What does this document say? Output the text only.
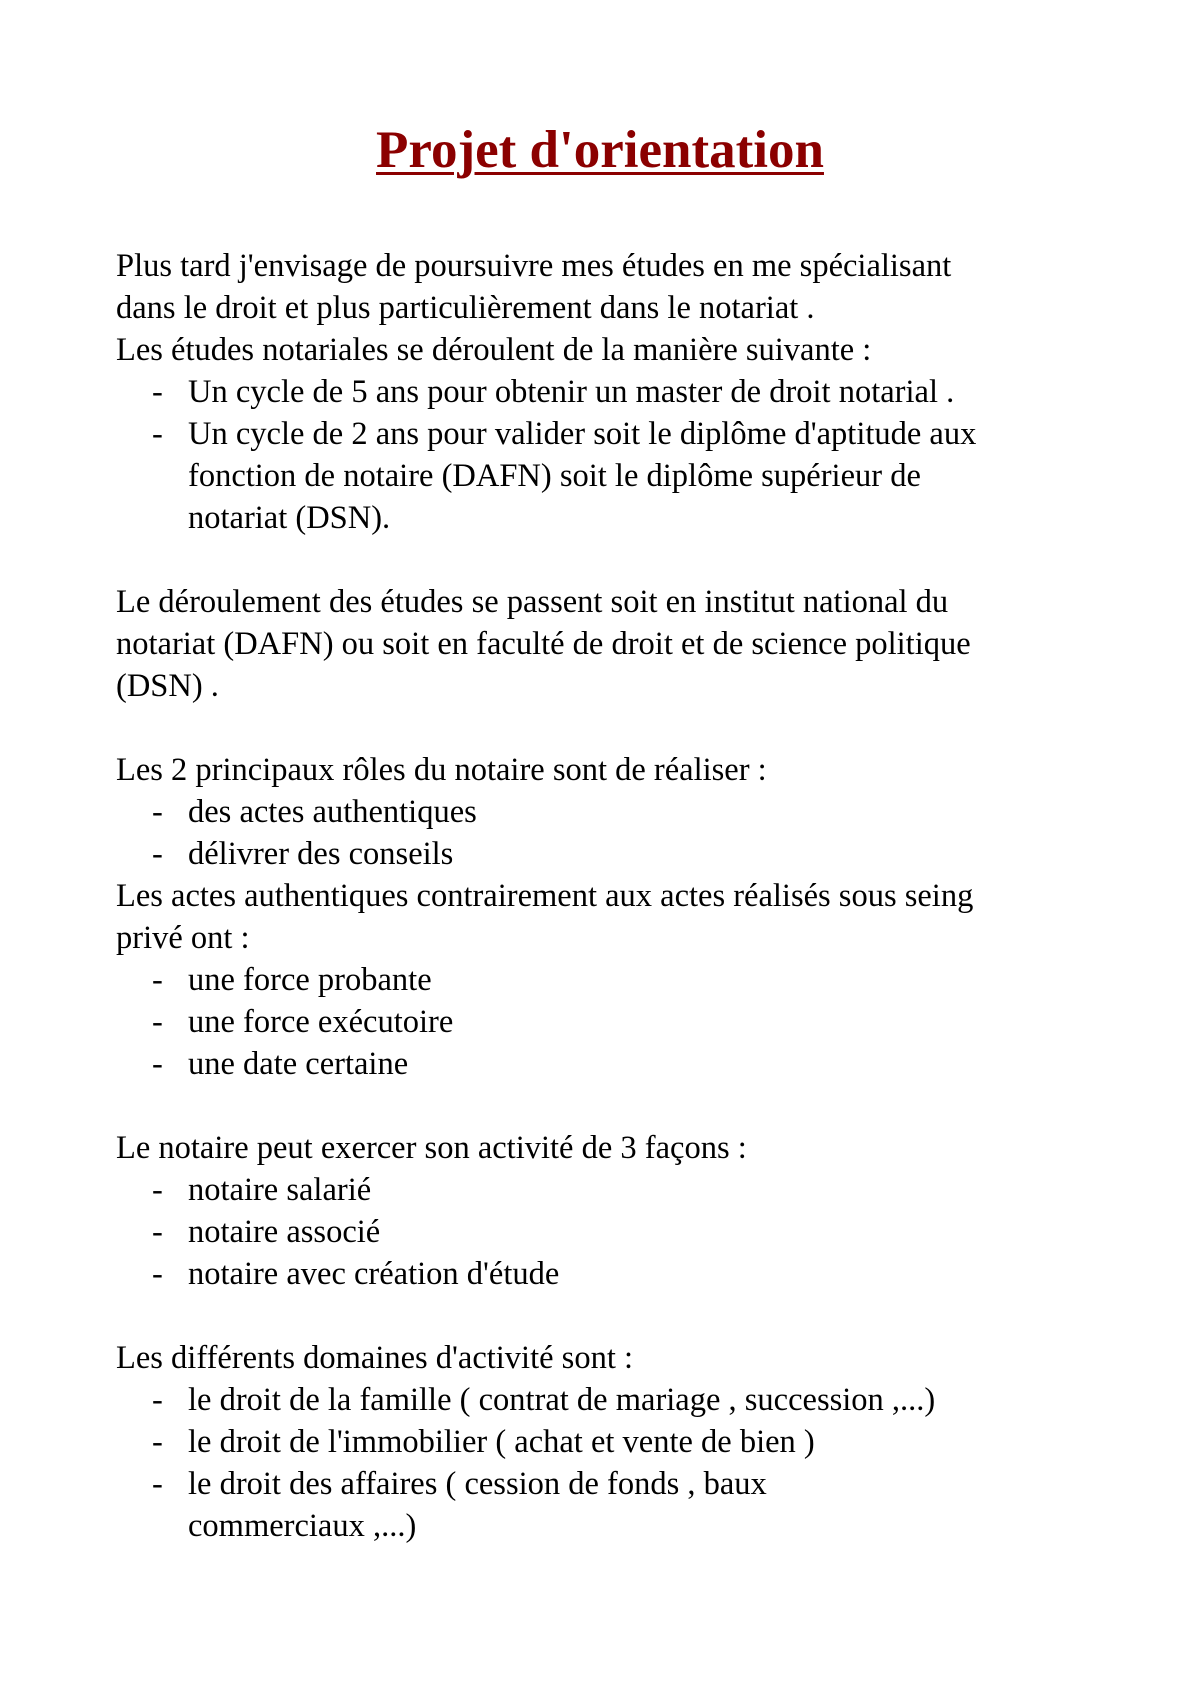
Projet d'orientation
Plus tard j'envisage de poursuivre mes études en me spécialisant
dans le droit et plus particulièrement dans le notariat .
Les études notariales se déroulent de la manière suivante :
- Un cycle de 5 ans pour obtenir un master de droit notarial .
- Un cycle de 2 ans pour valider soit le diplôme d'aptitude aux
fonction de notaire (DAFN) soit le diplôme supérieur de
notariat (DSN).
Le déroulement des études se passent soit en institut national du
notariat (DAFN) ou soit en faculté de droit et de science politique
(DSN) .
Les 2 principaux rôles du notaire sont de réaliser :
- des actes authentiques
- délivrer des conseils
Les actes authentiques contrairement aux actes réalisés sous seing
privé ont :
- une force probante
- une force exécutoire
- une date certaine
Le notaire peut exercer son activité de 3 façons :
- notaire salarié
- notaire associé
- notaire avec création d'étude
Les différents domaines d'activité sont :
- le droit de la famille ( contrat de mariage , succession ,...)
- le droit de l'immobilier ( achat et vente de bien )
- le droit des affaires ( cession de fonds , baux
commerciaux ,...)
